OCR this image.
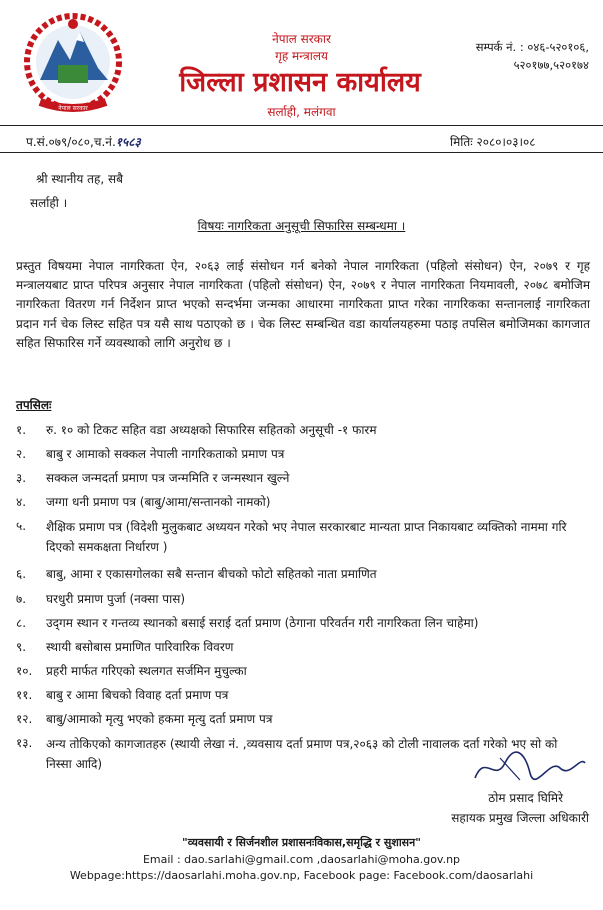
नेपाल सरकार
नेपाल सरकार
गृह मन्त्रालय
जिल्ला प्रशासन कार्यालय
सर्लाही, मलंगवा
सम्पर्क नं. : ०४६-५२०१०६,
५२०१७७,५२०१७४
प.सं.०७९/०८०,च.नं.१५८३	मितिः २०८०।०३।०८
श्री स्थानीय तह, सबै
सर्लाही ।
विषयः नागरिकता अनुसूची सिफारिस सम्बन्धमा ।
प्रस्तुत विषयमा नेपाल नागरिकता ऐन, २०६३ लाई संसोधन गर्न बनेको नेपाल नागरिकता (पहिलो संसोधन) ऐन, २०७९ र गृह मन्त्रालयबाट प्राप्त परिपत्र अनुसार नेपाल नागरिकता (पहिलो संसोधन) ऐन, २०७९ र नेपाल नागरिकता नियमावली, २०७८ बमोजिम नागरिकता वितरण गर्न निर्देशन प्राप्त भएको सन्दर्भमा जन्मका आधारमा नागरिकता प्राप्त गरेका नागरिकका सन्तानलाई नागरिकता प्रदान गर्न चेक लिस्ट सहित पत्र यसै साथ पठाएको छ । चेक लिस्ट सम्बन्धित वडा कार्यालयहरुमा पठाइ तपसिल बमोजिमका कागजात सहित सिफारिस गर्ने व्यवस्थाको लागि अनुरोध छ ।
तपसिलः
१. रु. १० को टिकट सहित वडा अध्यक्षको सिफारिस सहितको अनुसूची -१ फारम
२. बाबु र आमाको सक्कल नेपाली नागरिकताको प्रमाण पत्र
३. सक्कल जन्मदर्ता प्रमाण पत्र जन्ममिति र जन्मस्थान खुल्ने
४. जग्गा धनी प्रमाण पत्र (बाबु/आमा/सन्तानको नामको)
५. शैक्षिक प्रमाण पत्र (विदेशी मुलुकबाट अध्ययन गरेको भए नेपाल सरकारबाट मान्यता प्राप्त निकायबाट व्यक्तिको नाममा गरि दिएको समकक्षता निर्धारण )
६. बाबु, आमा र एकासगोलका सबै सन्तान बीचको फोटो सहितको नाता प्रमाणित
७. घरधुरी प्रमाण पुर्जा (नक्सा पास)
८. उद्‌गम स्थान र गन्तव्य स्थानको बसाई सराई दर्ता प्रमाण (ठेगाना परिवर्तन गरी नागरिकता लिन चाहेमा)
९. स्थायी बसोबास प्रमाणित पारिवारिक विवरण
१०. प्रहरी मार्फत गरिएको स्थलगत सर्जमिन मुचुल्का
११. बाबु र आमा बिचको विवाह दर्ता प्रमाण पत्र
१२. बाबु/आमाको मृत्यु भएको हकमा मृत्यु दर्ता प्रमाण पत्र
१३. अन्य तोकिएको कागजातहरु (स्थायी लेखा नं. ,व्यवसाय दर्ता प्रमाण पत्र,२०६३ को टोली नावालक दर्ता गरेको भए सो को निस्सा आदि)
ठोम प्रसाद घिमिरे
सहायक प्रमुख जिल्ला अधिकारी
"व्यवसायी र सिर्जनशील प्रशासनःविकास,समृद्धि र सुशासन"
Email : dao.sarlahi@gmail.com ,daosarlahi@moha.gov.np
Webpage:https://daosarlahi.moha.gov.np, Facebook page: Facebook.com/daosarlahi
